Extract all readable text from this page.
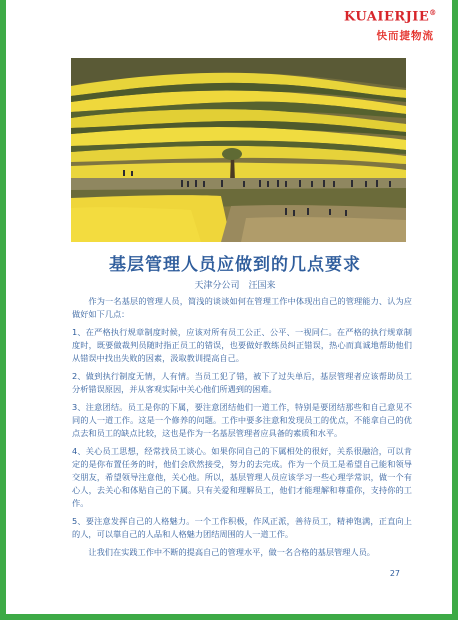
KUAIERJIE®
快而捷物流
基层管理人员应做到的几点要求

天津分公司　汪国来

作为一名基层的管理人员，简浅的谈谈如何在管理工作中体现出自己的管理能力、认为应做好如下几点：

1、在严格执行规章制度时候，应该对所有员工公正、公平、一视同仁。在严格的执行规章制度时，既要做裁判员随时指正员工的错误，也要做好教练员纠正错误，热心而真诚地帮助他们从错误中找出失败的因素，汲取教训提高自己。

2、做到执行制度无情，人有情。当员工犯了错，被下了过失单后，基层管理者应该帮助员工分析错误原因，并从客观实际中关心他们所遇到的困难。

3、注意团结。员工是你的下属，要注意团结他们一道工作，特别是要团结那些和自己意见不同的人一道工作。这是一个修养的问题。工作中要多注意和发现员工的优点，不能拿自己的优点去和员工的缺点比较，这也是作为一名基层管理者应具备的素质和水平。

4、关心员工思想，经常找员工谈心。如果你同自己的下属相处的很好，关系很融洽，可以肯定的是你布置任务的时，他们会欣然接受，努力的去完成。作为一个员工是希望自己能和领导交朋友，希望领导注意他，关心他。所以，基层管理人员应该学习一些心理学常识，做一个有心人，去关心和体贴自己的下属。只有关爱和理解员工，他们才能理解和尊重你，支持你的工作。

5、要注意发挥自己的人格魅力。一个工作积极，作风正派，善待员工，精神饱满，正直向上的人，可以靠自己的人品和人格魅力团结周围的人一道工作。

让我们在实践工作中不断的提高自己的管理水平，做一名合格的基层管理人员。

27
